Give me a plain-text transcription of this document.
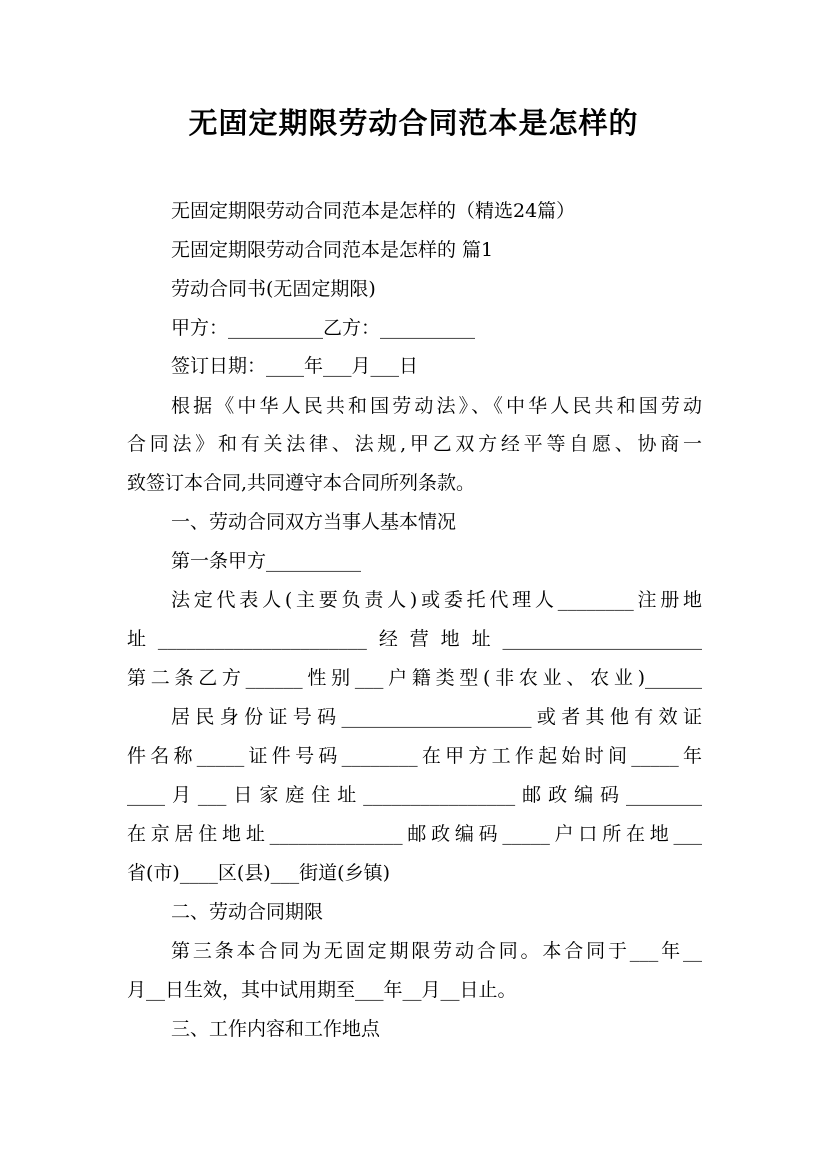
无固定期限劳动合同范本是怎样的
无固定期限劳动合同范本是怎样的（精选24篇）
无固定期限劳动合同范本是怎样的 篇1
劳动合同书(无固定期限)
甲方：__________乙方：__________
签订日期：____年___月___日
根据《中华人民共和国劳动法》、《中华人民共和国劳动
合同法》和有关法律、法规,甲乙双方经平等自愿、协商一
致签订本合同,共同遵守本合同所列条款。
一、劳动合同双方当事人基本情况
第一条甲方__________
法定代表人(主要负责人)或委托代理人________注册地
址______________________经营地址_____________________
第二条乙方______性别___户籍类型(非农业、农业)______
居民身份证号码____________________或者其他有效证
件名称_____证件号码________在甲方工作起始时间_____年
____月___日家庭住址________________邮政编码________
在京居住地址______________邮政编码_____户口所在地___
省(市)____区(县)___街道(乡镇)
二、劳动合同期限
第三条本合同为无固定期限劳动合同。本合同于___年__
月__日生效，其中试用期至___年__月__日止。
三、工作内容和工作地点
